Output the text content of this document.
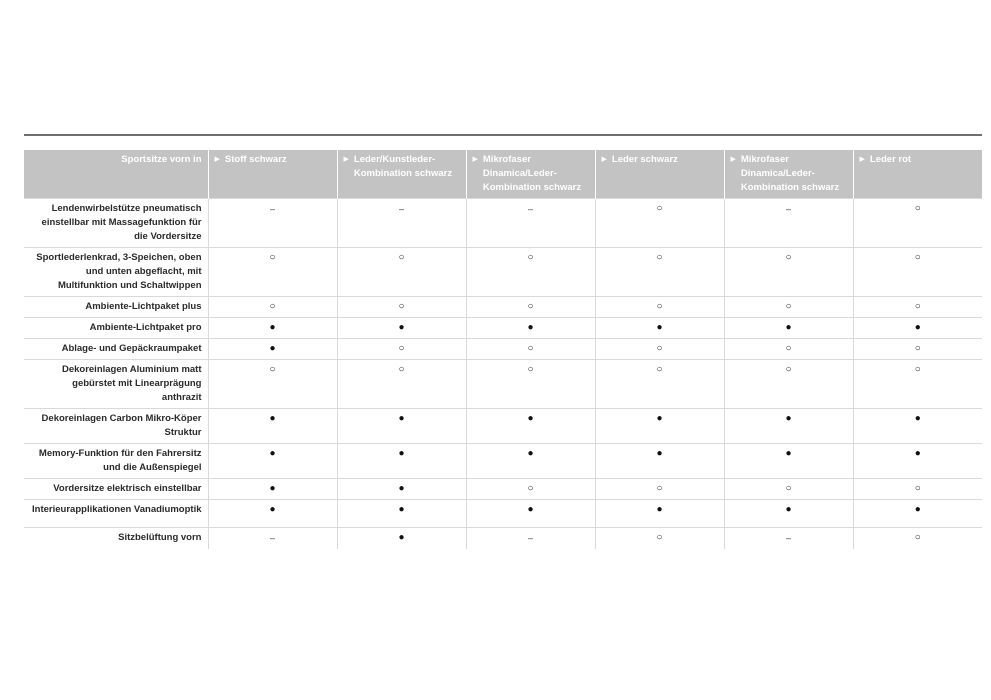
Sportsitze vorn in	▶ Stoff schwarz	▶ Leder/Kunstleder-Kombination schwarz	▶ Mikrofaser Dinamica/Leder-Kombination schwarz	▶ Leder schwarz	▶ Mikrofaser Dinamica/Leder-Kombination schwarz	▶ Leder rot
Lendenwirbelstütze pneumatisch einstellbar mit Massagefunktion für die Vordersitze	–	–	–	○	–	○
Sportlederlenkrad, 3-Speichen, oben und unten abgeflacht, mit Multifunktion und Schaltwippen	○	○	○	○	○	○
Ambiente-Lichtpaket plus	○	○	○	○	○	○
Ambiente-Lichtpaket pro	●	●	●	●	●	●
Ablage- und Gepäckraumpaket	●	○	○	○	○	○
Dekoreinlagen Aluminium matt gebürstet mit Linearprägung anthrazit	○	○	○	○	○	○
Dekoreinlagen Carbon Mikro-Köper Struktur	●	●	●	●	●	●
Memory-Funktion für den Fahrersitz und die Außenspiegel	●	●	●	●	●	●
Vordersitze elektrisch einstellbar	●	●	○	○	○	○
Interieurapplikationen Vanadiumoptik	●	●	●	●	●	●
Sitzbelüftung vorn	–	●	–	○	–	○
